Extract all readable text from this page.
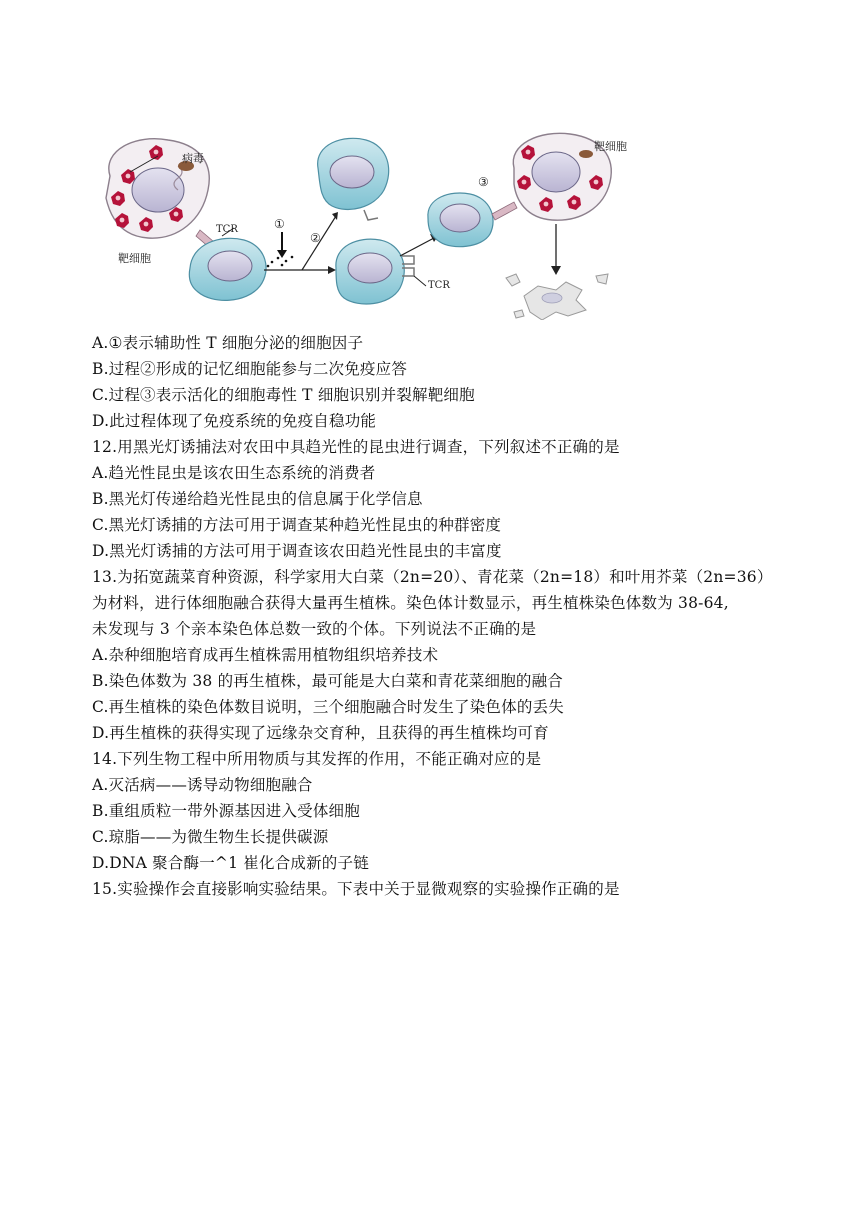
病毒
靶细胞
TCR	①
②
TCR
③
靶细胞
A.①表示辅助性 T 细胞分泌的细胞因子
B.过程②形成的记忆细胞能参与二次免疫应答
C.过程③表示活化的细胞毒性 T 细胞识别并裂解靶细胞
D.此过程体现了免疫系统的免疫自稳功能
12.用黑光灯诱捕法对农田中具趋光性的昆虫进行调查，下列叙述不正确的是
A.趋光性昆虫是该农田生态系统的消费者
B.黑光灯传递给趋光性昆虫的信息属于化学信息
C.黑光灯诱捕的方法可用于调查某种趋光性昆虫的种群密度
D.黑光灯诱捕的方法可用于调查该农田趋光性昆虫的丰富度
13.为拓宽蔬菜育种资源，科学家用大白菜（2n=20）、青花菜（2n=18）和叶用芥菜（2n=36）
为材料，进行体细胞融合获得大量再生植株。染色体计数显示，再生植株染色体数为 38-64,
未发现与 3 个亲本染色体总数一致的个体。下列说法不正确的是
A.杂种细胞培育成再生植株需用植物组织培养技术
B.染色体数为 38 的再生植株，最可能是大白菜和青花菜细胞的融合
C.再生植株的染色体数目说明，三个细胞融合时发生了染色体的丢失
D.再生植株的获得实现了远缘杂交育种，且获得的再生植株均可育
14.下列生物工程中所用物质与其发挥的作用，不能正确对应的是
A.灭活病——诱导动物细胞融合
B.重组质粒一带外源基因进入受体细胞
C.琼脂——为微生物生长提供碳源
D.DNA 聚合酶一^1 崔化合成新的子链
15.实验操作会直接影响实验结果。下表中关于显微观察的实验操作正确的是
